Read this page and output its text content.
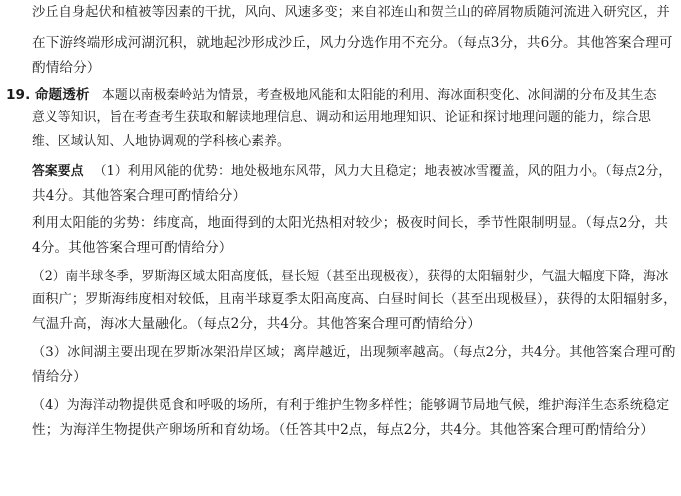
沙丘自身起伏和植被等因素的干扰，风向、风速多变；来自祁连山和贺兰山的碎屑物质随河流进入研究区，并
在下游终端形成河湖沉积，就地起沙形成沙丘，风力分选作用不充分。（每点3分，共6分。其他答案合理可
酌情给分）
19. 命题透析 本题以南极秦岭站为情景，考查极地风能和太阳能的利用、海冰面积变化、冰间湖的分布及其生态
意义等知识，旨在考查考生获取和解读地理信息、调动和运用地理知识、论证和探讨地理问题的能力，综合思
维、区域认知、人地协调观的学科核心素养。
答案要点 （1）利用风能的优势：地处极地东风带，风力大且稳定；地表被冰雪覆盖，风的阻力小。（每点2分，
共4分。其他答案合理可酌情给分）
利用太阳能的劣势：纬度高，地面得到的太阳光热相对较少；极夜时间长，季节性限制明显。（每点2分，共
4分。其他答案合理可酌情给分）
（2）南半球冬季，罗斯海区域太阳高度低，昼长短（甚至出现极夜），获得的太阳辐射少，气温大幅度下降，海冰
面积广；罗斯海纬度相对较低，且南半球夏季太阳高度高、白昼时间长（甚至出现极昼），获得的太阳辐射多，
气温升高，海冰大量融化。（每点2分，共4分。其他答案合理可酌情给分）
（3）冰间湖主要出现在罗斯冰架沿岸区域；离岸越近，出现频率越高。（每点2分，共4分。其他答案合理可酌
情给分）
（4）为海洋动物提供觅食和呼吸的场所，有利于维护生物多样性；能够调节局地气候，维护海洋生态系统稳定
性；为海洋生物提供产卵场所和育幼场。（任答其中2点，每点2分，共4分。其他答案合理可酌情给分）
